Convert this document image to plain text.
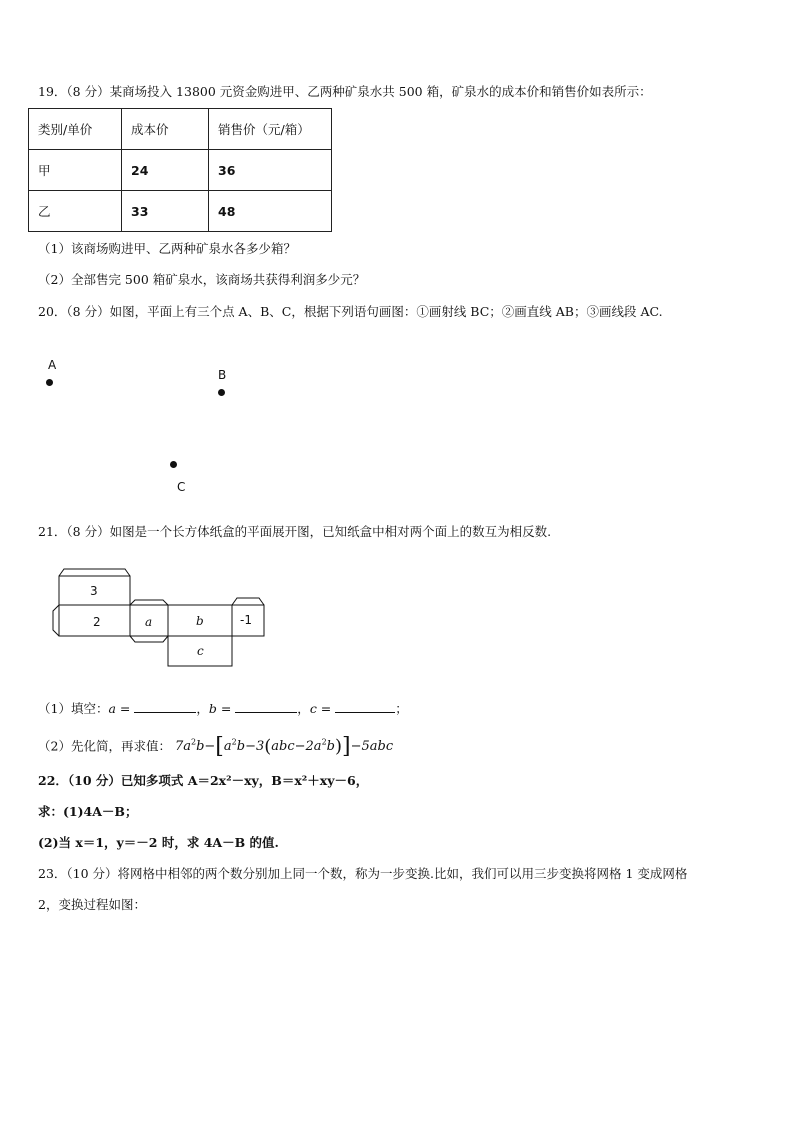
19．（8 分）某商场投入 13800 元资金购进甲、乙两种矿泉水共 500 箱，矿泉水的成本价和销售价如表所示：
类别/单价	成本价	销售价（元/箱）
甲	24	36
乙	33	48
（1）该商场购进甲、乙两种矿泉水各多少箱？
（2）全部售完 500 箱矿泉水，该商场共获得利润多少元？
20．（8 分）如图，平面上有三个点 A、B、C，根据下列语句画图：①画射线 BC；②画直线 AB；③画线段 AC.
A
B
C
21．（8 分）如图是一个长方体纸盒的平面展开图，已知纸盒中相对两个面上的数互为相反数.
3
2	a	b	-1
c
（1）填空：a =	，b =	，c =	；
（2）先化简，再求值： $7a^2b-[a^2b-3(abc-2a^2b)]-5abc$
22．（10 分）已知多项式 A＝2x²－xy，B＝x²＋xy－6，
求：(1)4A－B；
(2)当 x＝1，y＝－2 时，求 4A－B 的值.
23．（10 分）将网格中相邻的两个数分别加上同一个数，称为一步变换.比如，我们可以用三步变换将网格 1 变成网格
2，变换过程如图：
